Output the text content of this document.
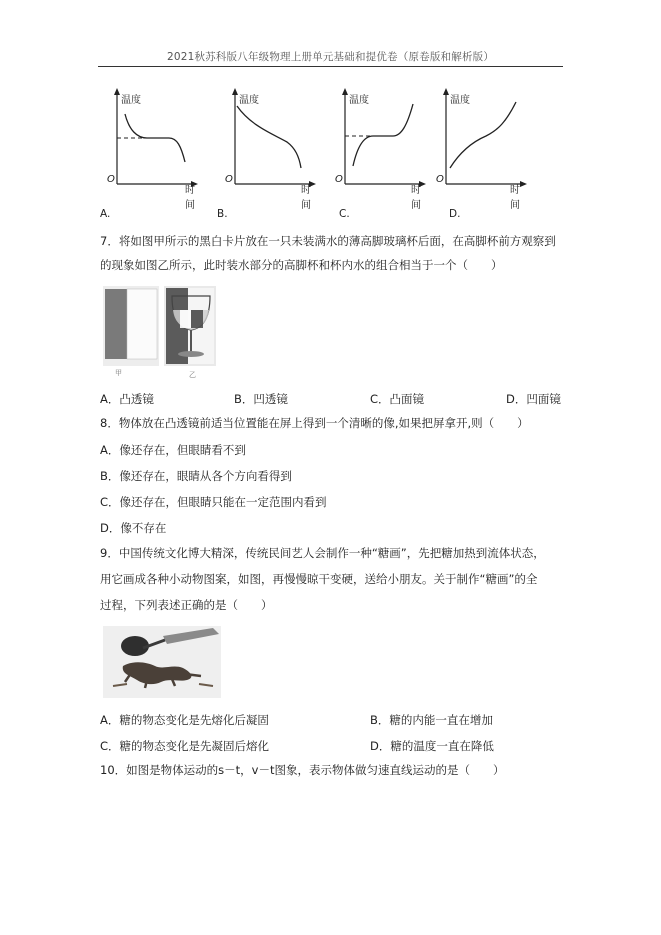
2021秋苏科版八年级物理上册单元基础和提优卷（原卷版和解析版）
温度
O
时间
温度
O
时间
温度
O
时间
温度
O
时间
A.	B.	C.	D.
7．将如图甲所示的黑白卡片放在一只未装满水的薄高脚玻璃杯后面，在高脚杯前方观察到
的现象如图乙所示，此时装水部分的高脚杯和杯内水的组合相当于一个（　　）
甲	乙
A．凸透镜	B．凹透镜	C．凸面镜	D．凹面镜
8．物体放在凸透镜前适当位置能在屏上得到一个清晰的像,如果把屏拿开,则（　　）
A．像还存在，但眼睛看不到
B．像还存在，眼睛从各个方向看得到
C．像还存在，但眼睛只能在一定范围内看到
D．像不存在
9．中国传统文化博大精深，传统民间艺人会制作一种“糖画”，先把糖加热到流体状态，
用它画成各种小动物图案，如图，再慢慢晾干变硬，送给小朋友。关于制作“糖画”的全
过程，下列表述正确的是（　　）
A．糖的物态变化是先熔化后凝固	B．糖的内能一直在增加
C．糖的物态变化是先凝固后熔化	D．糖的温度一直在降低
10．如图是物体运动的s－t，v－t图象，表示物体做匀速直线运动的是（　　）
